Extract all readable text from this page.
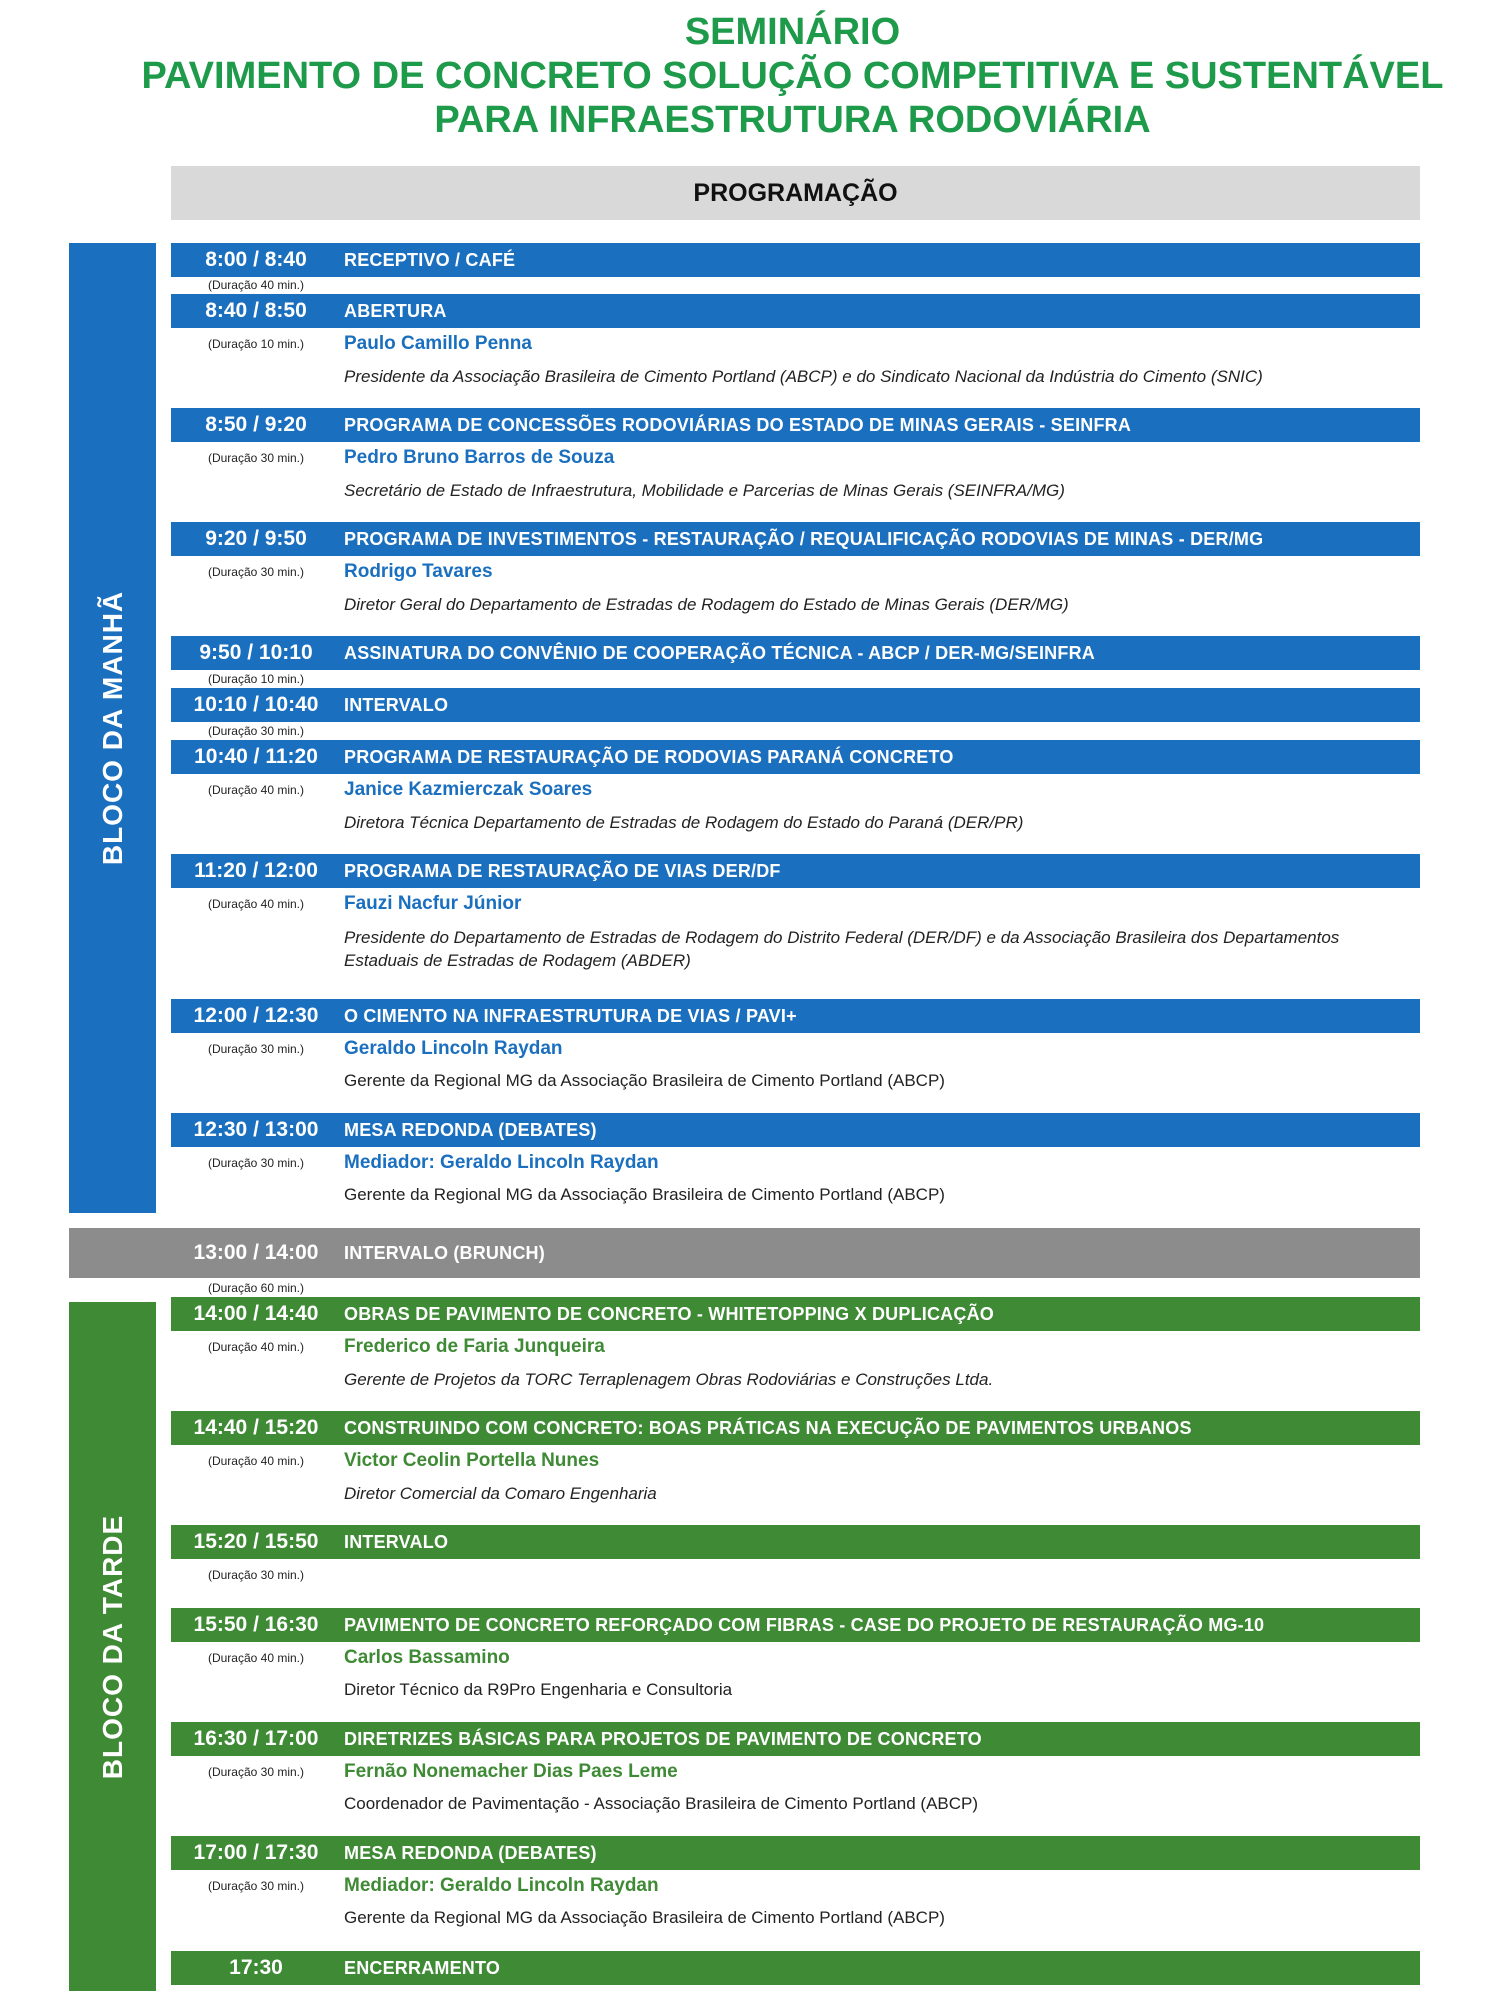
SEMINÁRIO
PAVIMENTO DE CONCRETO SOLUÇÃO COMPETITIVA E SUSTENTÁVEL
PARA INFRAESTRUTURA RODOVIÁRIA
PROGRAMAÇÃO
BLOCO DA MANHÃ
BLOCO DA TARDE
8:00 / 8:40	RECEPTIVO / CAFÉ
(Duração 40 min.)
8:40 / 8:50	ABERTURA
(Duração 10 min.)	Paulo Camillo Penna
Presidente da Associação Brasileira de Cimento Portland (ABCP) e do Sindicato Nacional da Indústria do Cimento (SNIC)
8:50 / 9:20	PROGRAMA DE CONCESSÕES RODOVIÁRIAS DO ESTADO DE MINAS GERAIS - SEINFRA
(Duração 30 min.)	Pedro Bruno Barros de Souza
Secretário de Estado de Infraestrutura, Mobilidade e Parcerias de Minas Gerais (SEINFRA/MG)
9:20 / 9:50	PROGRAMA DE INVESTIMENTOS - RESTAURAÇÃO / REQUALIFICAÇÃO RODOVIAS DE MINAS - DER/MG
(Duração 30 min.)	Rodrigo Tavares
Diretor Geral do Departamento de Estradas de Rodagem do Estado de Minas Gerais (DER/MG)
9:50 / 10:10	ASSINATURA DO CONVÊNIO DE COOPERAÇÃO TÉCNICA - ABCP / DER-MG/SEINFRA
(Duração 10 min.)
10:10 / 10:40	INTERVALO
(Duração 30 min.)
10:40 / 11:20	PROGRAMA DE RESTAURAÇÃO DE RODOVIAS PARANÁ CONCRETO
(Duração 40 min.)	Janice Kazmierczak Soares
Diretora Técnica Departamento de Estradas de Rodagem do Estado do Paraná (DER/PR)
11:20 / 12:00	PROGRAMA DE RESTAURAÇÃO DE VIAS DER/DF
(Duração 40 min.)	Fauzi Nacfur Júnior
Presidente do Departamento de Estradas de Rodagem do Distrito Federal (DER/DF) e da Associação Brasileira dos Departamentos Estaduais de Estradas de Rodagem (ABDER)
12:00 / 12:30	O CIMENTO NA INFRAESTRUTURA DE VIAS / PAVI+
(Duração 30 min.)	Geraldo Lincoln Raydan
Gerente da Regional MG da Associação Brasileira de Cimento Portland (ABCP)
12:30 / 13:00	MESA REDONDA (DEBATES)
(Duração 30 min.)	Mediador: Geraldo Lincoln Raydan
Gerente da Regional MG da Associação Brasileira de Cimento Portland (ABCP)
13:00 / 14:00	INTERVALO (BRUNCH)
(Duração 60 min.)
14:00 / 14:40	OBRAS DE PAVIMENTO DE CONCRETO - WHITETOPPING X DUPLICAÇÃO
(Duração 40 min.)	Frederico de Faria Junqueira
Gerente de Projetos da TORC Terraplenagem Obras Rodoviárias e Construções Ltda.
14:40 / 15:20	CONSTRUINDO COM CONCRETO: BOAS PRÁTICAS NA EXECUÇÃO DE PAVIMENTOS URBANOS
(Duração 40 min.)	Victor Ceolin Portella Nunes
Diretor Comercial da Comaro Engenharia
15:20 / 15:50	INTERVALO
(Duração 30 min.)
15:50 / 16:30	PAVIMENTO DE CONCRETO REFORÇADO COM FIBRAS - CASE DO PROJETO DE RESTAURAÇÃO MG-10
(Duração 40 min.)	Carlos Bassamino
Diretor Técnico da R9Pro Engenharia e Consultoria
16:30 / 17:00	DIRETRIZES BÁSICAS PARA PROJETOS DE PAVIMENTO DE CONCRETO
(Duração 30 min.)	Fernão Nonemacher Dias Paes Leme
Coordenador de Pavimentação - Associação Brasileira de Cimento Portland (ABCP)
17:00 / 17:30	MESA REDONDA (DEBATES)
(Duração 30 min.)	Mediador: Geraldo Lincoln Raydan
Gerente da Regional MG da Associação Brasileira de Cimento Portland (ABCP)
17:30	ENCERRAMENTO
